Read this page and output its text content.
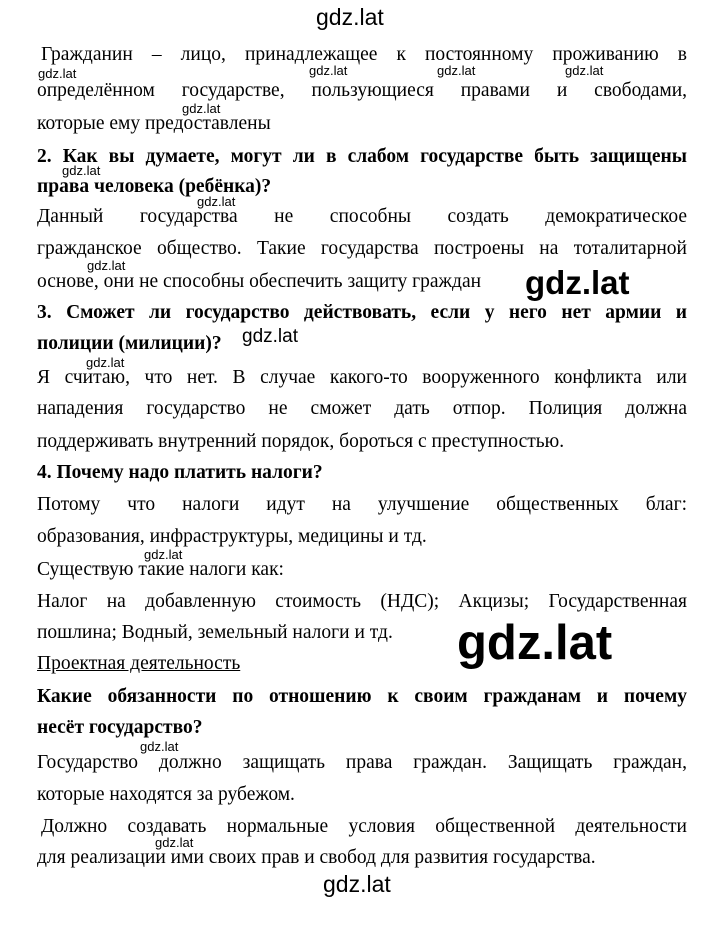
Гражданин – лицо, принадлежащее к постоянному проживанию в
определённом государстве, пользующиеся правами и свободами,
которые ему предоставлены
2. Как вы думаете, могут ли в слабом государстве быть защищены
права человека (ребёнка)?
Данный государства не способны создать демократическое
гражданское общество. Такие государства построены на тоталитарной
основе, они не способны обеспечить защиту граждан
3. Сможет ли государство действовать, если у него нет армии и
полиции (милиции)?
Я считаю, что нет. В случае какого-то вооруженного конфликта или
нападения государство не сможет дать отпор. Полиция должна
поддерживать внутренний порядок, бороться с преступностью.
4. Почему надо платить налоги?
Потому что налоги идут на улучшение общественных благ:
образования, инфраструктуры, медицины и тд.
Существую такие налоги как:
Налог на добавленную стоимость (НДС); Акцизы; Государственная
пошлина; Водный, земельный налоги и тд.
Проектная деятельность
Какие обязанности по отношению к своим гражданам и почему
несёт государство?
Государство должно защищать права граждан. Защищать граждан,
которые находятся за рубежом.
Должно создавать нормальные условия общественной деятельности
для реализации ими своих прав и свобод для развития государства.
gdz.lat
gdz.lat
gdz.lat
gdz.lat
gdz.lat
gdz.lat	gdz.lat	gdz.lat	gdz.lat
gdz.lat
gdz.lat
gdz.lat
gdz.lat
gdz.lat
gdz.lat
gdz.lat
gdz.lat
